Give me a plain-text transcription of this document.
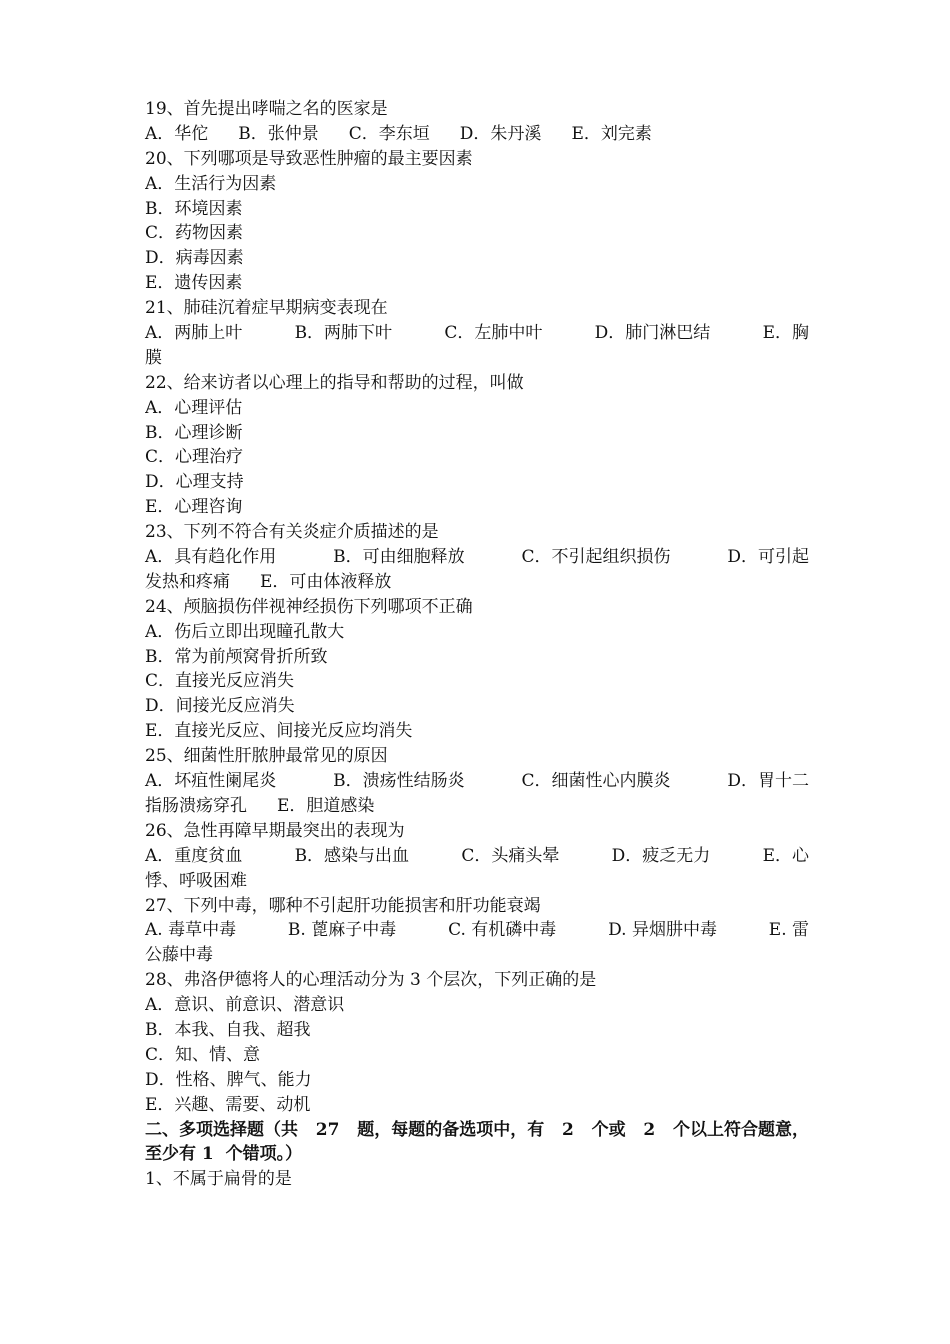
19、首先提出哮喘之名的医家是
A．华佗 B．张仲景 C．李东垣 D．朱丹溪 E．刘完素
20、下列哪项是导致恶性肿瘤的最主要因素
A．生活行为因素
B．环境因素
C．药物因素
D．病毒因素
E．遗传因素
21、肺硅沉着症早期病变表现在
A．两肺上叶	B．两肺下叶	C．左肺中叶	D．肺门淋巴结	E．胸
膜
22、给来访者以心理上的指导和帮助的过程，叫做
A．心理评估
B．心理诊断
C．心理治疗
D．心理支持
E．心理咨询
23、下列不符合有关炎症介质描述的是
A．具有趋化作用	B．可由细胞释放	C．不引起组织损伤	D．可引起
发热和疼痛 E．可由体液释放
24、颅脑损伤伴视神经损伤下列哪项不正确
A．伤后立即出现瞳孔散大
B．常为前颅窝骨折所致
C．直接光反应消失
D．间接光反应消失
E．直接光反应、间接光反应均消失
25、细菌性肝脓肿最常见的原因
A．坏疽性阑尾炎	B．溃疡性结肠炎	C．细菌性心内膜炎	D．胃十二
指肠溃疡穿孔 E．胆道感染
26、急性再障早期最突出的表现为
A．重度贫血	B．感染与出血	C．头痛头晕	D．疲乏无力	E．心
悸、呼吸困难
27、下列中毒，哪种不引起肝功能损害和肝功能衰竭
A. 毒草中毒	B. 蓖麻子中毒	C. 有机磷中毒	D. 异烟肼中毒	E. 雷
公藤中毒
28、弗洛伊德将人的心理活动分为 3 个层次，下列正确的是
A．意识、前意识、潜意识
B．本我、自我、超我
C．知、情、意
D．性格、脾气、能力
E．兴趣、需要、动机
二、多项选择题（共 27 题，每题的备选项中，有 2 个或 2 个以上符合题意，
至少有 1  个错项。）
1、不属于扁骨的是
